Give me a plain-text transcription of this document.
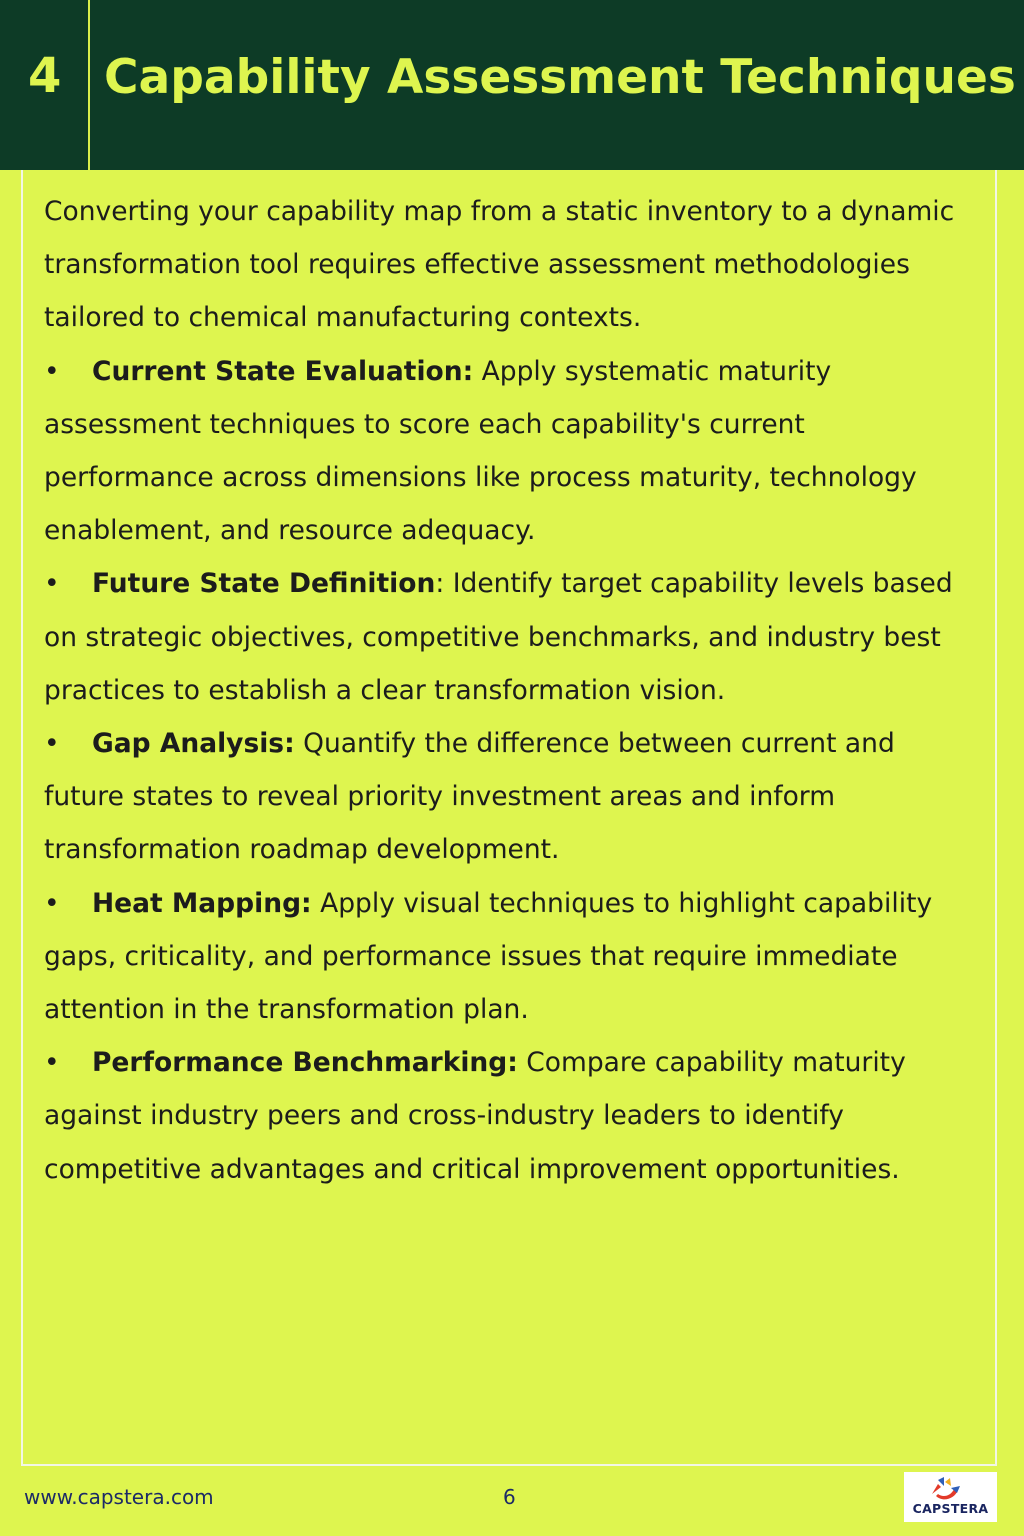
4 Capability Assessment Techniques

Converting your capability map from a static inventory to a dynamic transformation tool requires effective assessment methodologies tailored to chemical manufacturing contexts.

• Current State Evaluation: Apply systematic maturity assessment techniques to score each capability's current performance across dimensions like process maturity, technology enablement, and resource adequacy.

• Future State Definition: Identify target capability levels based on strategic objectives, competitive benchmarks, and industry best practices to establish a clear transformation vision.

• Gap Analysis: Quantify the difference between current and future states to reveal priority investment areas and inform transformation roadmap development.

• Heat Mapping: Apply visual techniques to highlight capability gaps, criticality, and performance issues that require immediate attention in the transformation plan.

• Performance Benchmarking: Compare capability maturity against industry peers and cross-industry leaders to identify competitive advantages and critical improvement opportunities.

www.capstera.com	6	CAPSTERA
